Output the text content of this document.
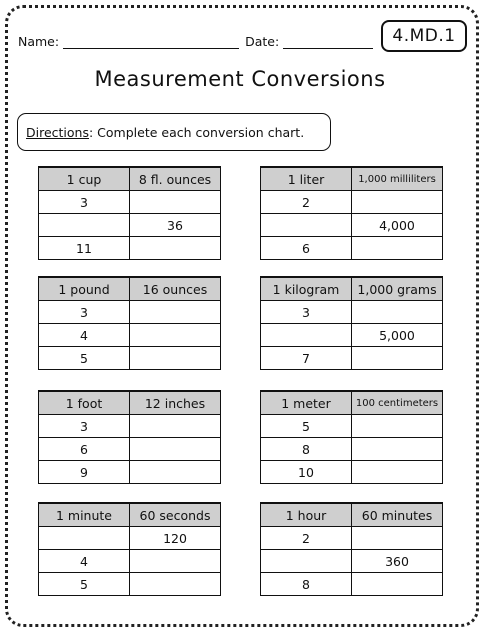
Name:	Date:	4.MD.1
Measurement Conversions
Directions : Complete each conversion chart.
1 cup	8 fl. ounces
3	
	36
11	
1 liter	1,000 milliliters
2	
	4,000
6	
1 pound	16 ounces
3	
4	
5	
1 kilogram	1,000 grams
3	
	5,000
7	
1 foot	12 inches
3	
6	
9	
1 meter	100 centimeters
5	
8	
10	
1 minute	60 seconds
	120
4	
5	
1 hour	60 minutes
2	
	360
8	
